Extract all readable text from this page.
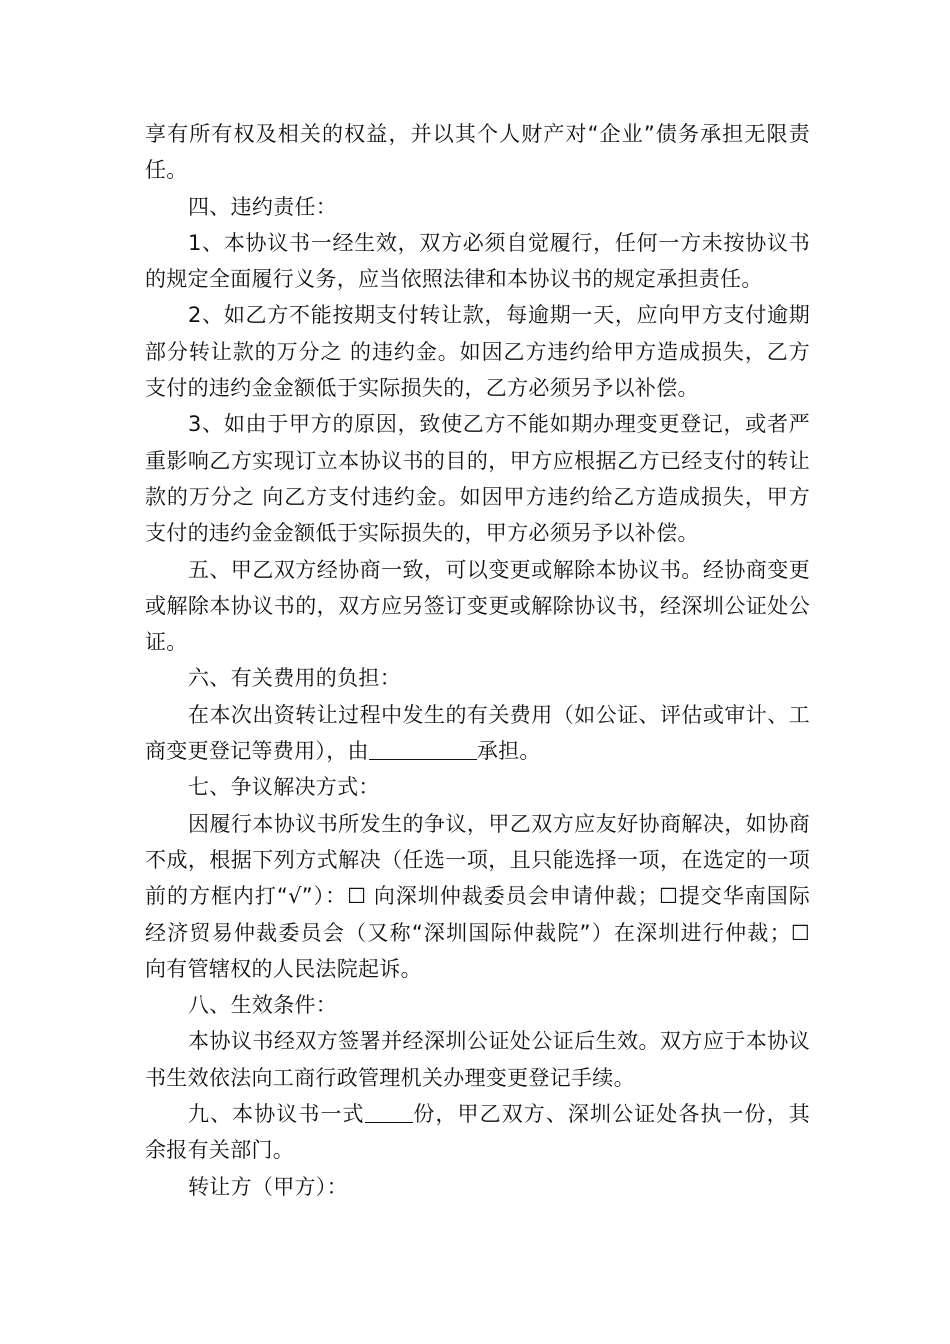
享有所有权及相关的权益，并以其个人财产对“企业”债务承担无限责任。

四、违约责任：

1、本协议书一经生效，双方必须自觉履行，任何一方未按协议书的规定全面履行义务，应当依照法律和本协议书的规定承担责任。

2、如乙方不能按期支付转让款，每逾期一天，应向甲方支付逾期部分转让款的万分之 的违约金。如因乙方违约给甲方造成损失，乙方支付的违约金金额低于实际损失的，乙方必须另予以补偿。

3、如由于甲方的原因，致使乙方不能如期办理变更登记，或者严重影响乙方实现订立本协议书的目的，甲方应根据乙方已经支付的转让款的万分之 向乙方支付违约金。如因甲方违约给乙方造成损失，甲方支付的违约金金额低于实际损失的，甲方必须另予以补偿。

五、甲乙双方经协商一致，可以变更或解除本协议书。经协商变更或解除本协议书的，双方应另签订变更或解除协议书，经深圳公证处公证。

六、有关费用的负担：

在本次出资转让过程中发生的有关费用（如公证、评估或审计、工商变更登记等费用），由	承担。

七、争议解决方式：

因履行本协议书所发生的争议，甲乙双方应友好协商解决，如协商不成，根据下列方式解决（任选一项，且只能选择一项，在选定的一项前的方框内打“√”）：☐ 向深圳仲裁委员会申请仲裁；☐提交华南国际经济贸易仲裁委员会（又称“深圳国际仲裁院”）在深圳进行仲裁；☐ 向有管辖权的人民法院起诉。

八、生效条件：

本协议书经双方签署并经深圳公证处公证后生效。双方应于本协议书生效依法向工商行政管理机关办理变更登记手续。

九、本协议书一式 份，甲乙双方、深圳公证处各执一份，其余报有关部门。

转让方（甲方）：
